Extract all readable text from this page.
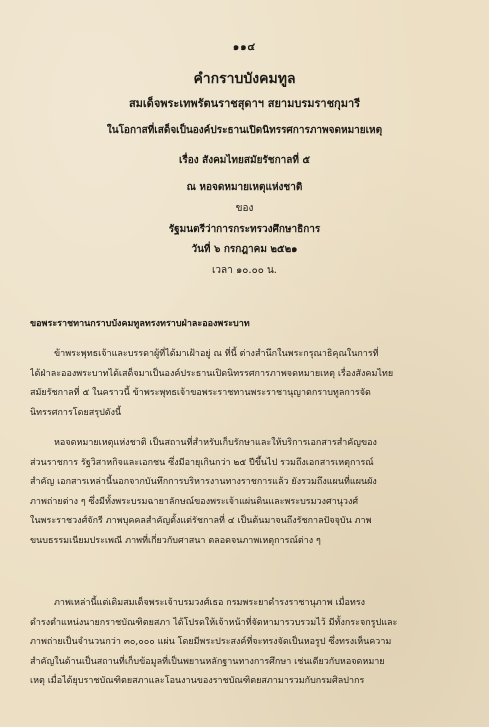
๑๑๔
คำกราบบังคมทูล
สมเด็จพระเทพรัตนราชสุดาฯ สยามบรมราชกุมารี
ในโอกาสที่เสด็จเป็นองค์ประธานเปิดนิทรรศการภาพจดหมายเหตุ
เรื่อง สังคมไทยสมัยรัชกาลที่ ๕
ณ หอจดหมายเหตุแห่งชาติ
ของ
รัฐมนตรีว่าการกระทรวงศึกษาธิการ
วันที่ ๖ กรกฎาคม ๒๕๒๑
เวลา ๑๐.๐๐ น.
ขอพระราชทานกราบบังคมทูลทรงทราบฝ่าละอองพระบาท
ข้าพระพุทธเจ้าและบรรดาผู้ที่ได้มาเฝ้าอยู่ ณ ที่นี้ ต่างสำนึกในพระกรุณาธิคุณในการที่
ได้ฝ่าละอองพระบาทได้เสด็จมาเป็นองค์ประธานเปิดนิทรรศการภาพจดหมายเหตุ เรื่องสังคมไทย
สมัยรัชกาลที่ ๕ ในคราวนี้ ข้าพระพุทธเจ้าขอพระราชทานพระราชานุญาตกราบทูลการจัด
นิทรรศการโดยสรุปดังนี้
หอจดหมายเหตุแห่งชาติ เป็นสถานที่สำหรับเก็บรักษาและให้บริการเอกสารสำคัญของ
ส่วนราชการ รัฐวิสาหกิจและเอกชน ซึ่งมีอายุเกินกว่า ๒๕ ปีขึ้นไป รวมถึงเอกสารเหตุการณ์
สำคัญ เอกสารเหล่านี้นอกจากบันทึกการบริหารงานทางราชการแล้ว ยังรวมถึงแผนที่แผนผัง
ภาพถ่ายต่าง ๆ ซึ่งมีทั้งพระบรมฉายาลักษณ์ของพระเจ้าแผ่นดินและพระบรมวงศานุวงศ์
ในพระราชวงศ์จักรี ภาพบุคคลสำคัญตั้งแต่รัชกาลที่ ๔ เป็นต้นมาจนถึงรัชกาลปัจจุบัน ภาพ
ขนบธรรมเนียมประเพณี ภาพที่เกี่ยวกับศาสนา ตลอดจนภาพเหตุการณ์ต่าง ๆ
ภาพเหล่านี้แต่เดิมสมเด็จพระเจ้าบรมวงศ์เธอ กรมพระยาดำรงราชานุภาพ เมื่อทรง
ดำรงตำแหน่งนายกราชบัณฑิตยสภา ได้โปรดให้เจ้าหน้าที่จัดหามารวบรวมไว้ มีทั้งกระจกรูปและ
ภาพถ่ายเป็นจำนวนกว่า ๓๐,๐๐๐ แผ่น โดยมีพระประสงค์ที่จะทรงจัดเป็นหอรูป ซึ่งทรงเห็นความ
สำคัญในด้านเป็นสถานที่เก็บข้อมูลที่เป็นพยานหลักฐานทางการศึกษา เช่นเดียวกับหอจดหมาย
เหตุ เมื่อได้ยุบราชบัณฑิตยสภาและโอนงานของราชบัณฑิตยสภามารวมกับกรมศิลปากร
